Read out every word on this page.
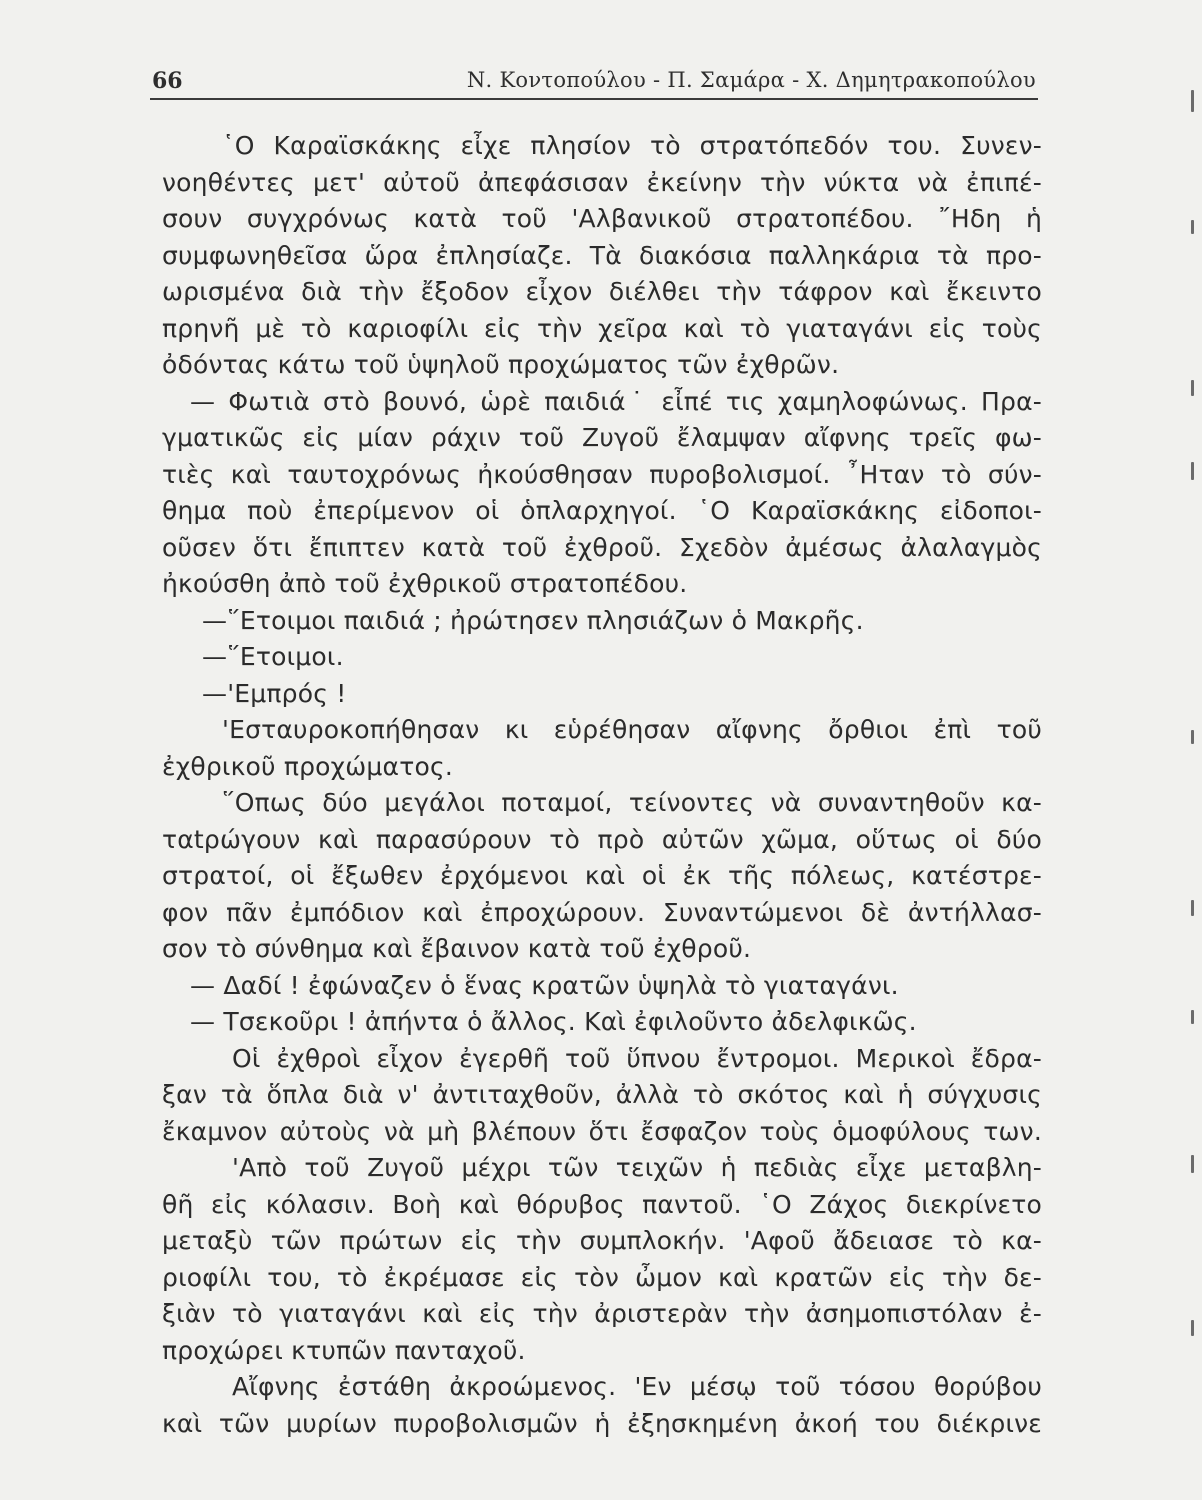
66	Ν. Κοντοπούλου - Π. Σαμάρα - Χ. Δημητρακοπούλου
῾Ο Καραϊσκάκης εἶχε πλησίον τὸ στρατόπεδόν του. Συνεν-
νοηθέντες μετ' αὐτοῦ ἀπεφάσισαν ἐκείνην τὴν νύκτα νὰ ἐπιπέ-
σουν συγχρόνως κατὰ τοῦ 'Αλβανικοῦ στρατοπέδου. ῎Ηδη ἡ
συμφωνηθεῖσα ὥρα ἐπλησίαζε. Τὰ διακόσια παλληκάρια τὰ προ-
ωρισμένα διὰ τὴν ἔξοδον εἶχον διέλθει τὴν τάφρον καὶ ἔκειντο
πρηνῆ μὲ τὸ καριοφίλι εἰς τὴν χεῖρα καὶ τὸ γιαταγάνι εἰς τοὺς
ὀδόντας κάτω τοῦ ὑψηλοῦ προχώματος τῶν ἐχθρῶν.
— Φωτιὰ στὸ βουνό, ὡρὲ παιδιά˙ εἶπέ τις χαμηλοφώνως. Πρα-
γματικῶς εἰς μίαν ράχιν τοῦ Ζυγοῦ ἔλαμψαν αἴφνης τρεῖς φω-
τιὲς καὶ ταυτοχρόνως ἠκούσθησαν πυροβολισμοί. ῏Ηταν τὸ σύν-
θημα ποὺ ἐπερίμενον οἱ ὁπλαρχηγοί. ῾Ο Καραϊσκάκης εἰδοποι-
οῦσεν ὅτι ἔπιπτεν κατὰ τοῦ ἐχθροῦ. Σχεδὸν ἀμέσως ἀλαλαγμὸς
ἠκούσθη ἀπὸ τοῦ ἐχθρικοῦ στρατοπέδου.
—῞Ετοιμοι παιδιά ; ἠρώτησεν πλησιάζων ὁ Μακρῆς.
—῞Ετοιμοι.
—'Εμπρός !
'Εσταυροκοπήθησαν κι εὑρέθησαν αἴφνης ὄρθιοι ἐπὶ τοῦ
ἐχθρικοῦ προχώματος.
῞Οπως δύο μεγάλοι ποταμοί, τείνοντες νὰ συναντηθοῦν κα-
ταtρώγουν καὶ παρασύρουν τὸ πρὸ αὐτῶν χῶμα, οὕτως οἱ δύο
στρατοί, οἱ ἔξωθεν ἐρχόμενοι καὶ οἱ ἐκ τῆς πόλεως, κατέστρε-
φον πᾶν ἐμπόδιον καὶ ἐπροχώρουν. Συναντώμενοι δὲ ἀντήλλασ-
σον τὸ σύνθημα καὶ ἔβαινον κατὰ τοῦ ἐχθροῦ.
— Δαδί ! ἐφώναζεν ὁ ἕνας κρατῶν ὑψηλὰ τὸ γιαταγάνι.
— Τσεκοῦρι ! ἀπήντα ὁ ἄλλος. Καὶ ἐφιλοῦντο ἀδελφικῶς.
Οἱ ἐχθροὶ εἶχον ἐγερθῆ τοῦ ὕπνου ἔντρομοι. Μερικοὶ ἔδρα-
ξαν τὰ ὅπλα διὰ ν' ἀντιταχθοῦν, ἀλλὰ τὸ σκότος καὶ ἡ σύγχυσις
ἔκαμνον αὐτοὺς νὰ μὴ βλέπουν ὅτι ἔσφαζον τοὺς ὁμοφύλους των.
'Απὸ τοῦ Ζυγοῦ μέχρι τῶν τειχῶν ἡ πεδιὰς εἶχε μεταβλη-
θῆ εἰς κόλασιν. Βοὴ καὶ θόρυβος παντοῦ. ῾Ο Ζάχος διεκρίνετο
μεταξὺ τῶν πρώτων εἰς τὴν συμπλοκήν. 'Αφοῦ ἄδειασε τὸ κα-
ριοφίλι του, τὸ ἐκρέμασε εἰς τὸν ὦμον καὶ κρατῶν εἰς τὴν δε-
ξιὰν τὸ γιαταγάνι καὶ εἰς τὴν ἀριστερὰν τὴν ἀσημοπιστόλαν ἐ-
προχώρει κτυπῶν πανταχοῦ.
Αἴφνης ἐστάθη ἀκροώμενος. 'Εν μέσῳ τοῦ τόσου θορύβου
καὶ τῶν μυρίων πυροβολισμῶν ἡ ἐξησκημένη ἀκοή του διέκρινε
